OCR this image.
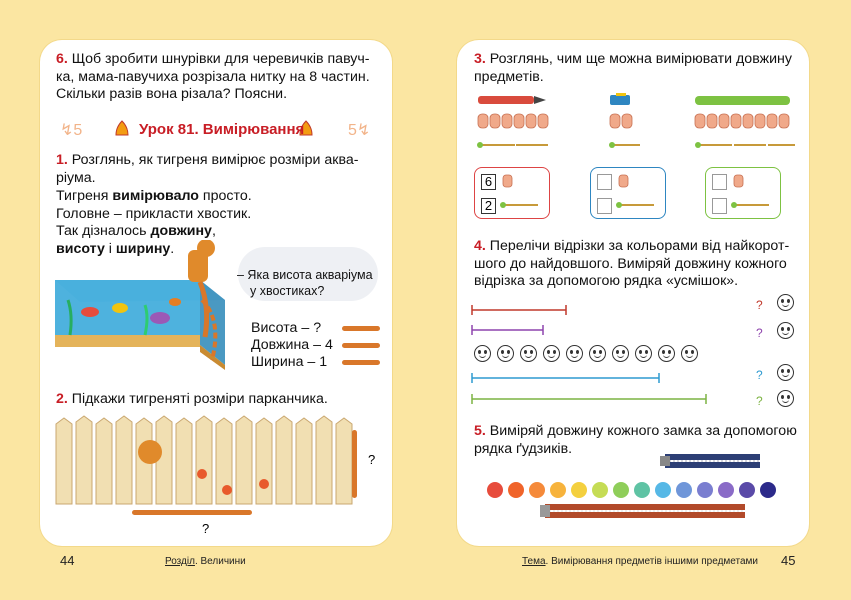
6. Щоб зробити шнурівки для черевичків павуч-
ка, мама-павучиха розрізала нитку на 8 частин.
Скільки разів вона різала? Поясни.
↯5	5↯
Урок 81. Вимірювання
1. Розглянь, як тигреня вимірює розміри аква-
ріума.
Тигреня вимірювало просто.
Головне – прикласти хвостик.
Так дізналось довжину,
висоту і ширину.
– Яка висота акваріума
у хвостиках?
Висота – ?
Довжина – 4
Ширина – 1
2. Підкажи тигреняті розміри парканчика.
?
?
44	Розділ. Величини
3. Розглянь, чим ще можна вимірювати довжину
предметів.
6
2
4. Перелічи відрізки за кольорами від найкорот-
шого до найдовшого. Виміряй довжину кожного
відрізка за допомогою рядка «усмішок».
?
?
?
?
5. Виміряй довжину кожного замка за допомогою
рядка ґудзиків.
Тема. Вимірювання предметів іншими предметами 45
